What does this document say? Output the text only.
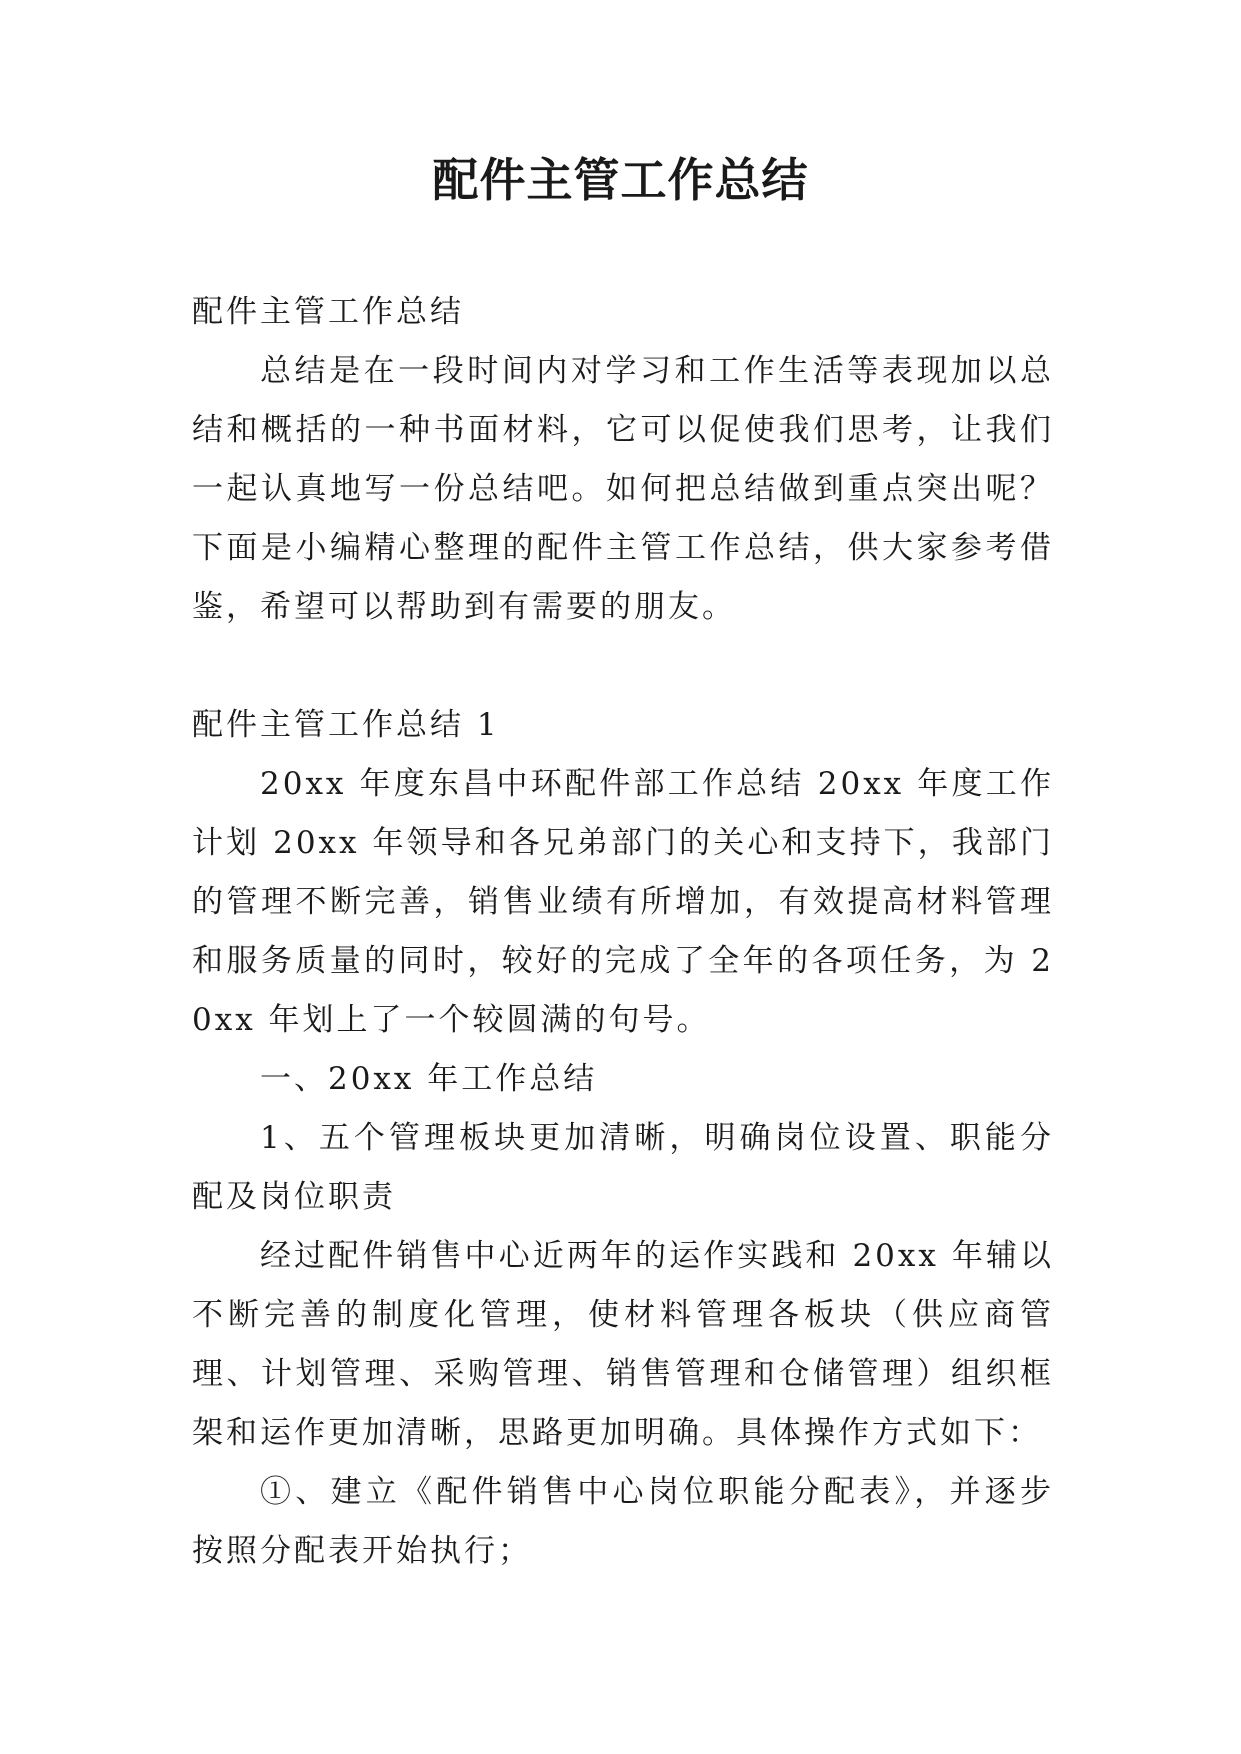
配件主管工作总结

配件主管工作总结

总结是在一段时间内对学习和工作生活等表现加以总结和概括的一种书面材料，它可以促使我们思考，让我们一起认真地写一份总结吧。如何把总结做到重点突出呢？下面是小编精心整理的配件主管工作总结，供大家参考借鉴，希望可以帮助到有需要的朋友。

配件主管工作总结 1

20xx 年度东昌中环配件部工作总结 20xx 年度工作计划 20xx 年领导和各兄弟部门的关心和支持下，我部门的管理不断完善，销售业绩有所增加，有效提高材料管理和服务质量的同时，较好的完成了全年的各项任务，为 20xx 年划上了一个较圆满的句号。

一、20xx 年工作总结

1、五个管理板块更加清晰，明确岗位设置、职能分配及岗位职责

经过配件销售中心近两年的运作实践和 20xx 年辅以不断完善的制度化管理，使材料管理各板块（供应商管理、计划管理、采购管理、销售管理和仓储管理）组织框架和运作更加清晰，思路更加明确。具体操作方式如下：

①、建立《配件销售中心岗位职能分配表》，并逐步按照分配表开始执行；
